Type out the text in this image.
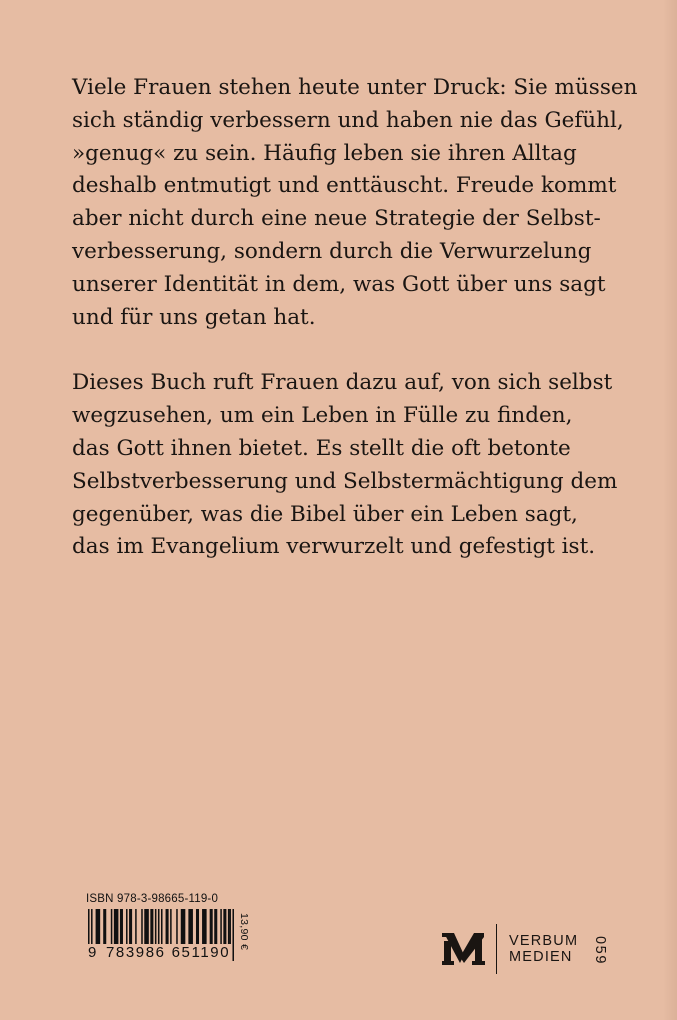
Viele Frauen stehen heute unter Druck: Sie müssen
sich ständig verbessern und haben nie das Gefühl,
»genug« zu sein. Häufig leben sie ihren Alltag
deshalb entmutigt und enttäuscht. Freude kommt
aber nicht durch eine neue Strategie der Selbst-
verbesserung, sondern durch die Verwurzelung
unserer Identität in dem, was Gott über uns sagt
und für uns getan hat.

Dieses Buch ruft Frauen dazu auf, von sich selbst
wegzusehen, um ein Leben in Fülle zu finden,
das Gott ihnen bietet. Es stellt die oft betonte
Selbstverbesserung und Selbstermächtigung dem
gegenüber, was die Bibel über ein Leben sagt,
das im Evangelium verwurzelt und gefestigt ist.

ISBN 978-3-98665-119-0
9 783986 651190
13,90 €	VERBUM
MEDIEN	059
